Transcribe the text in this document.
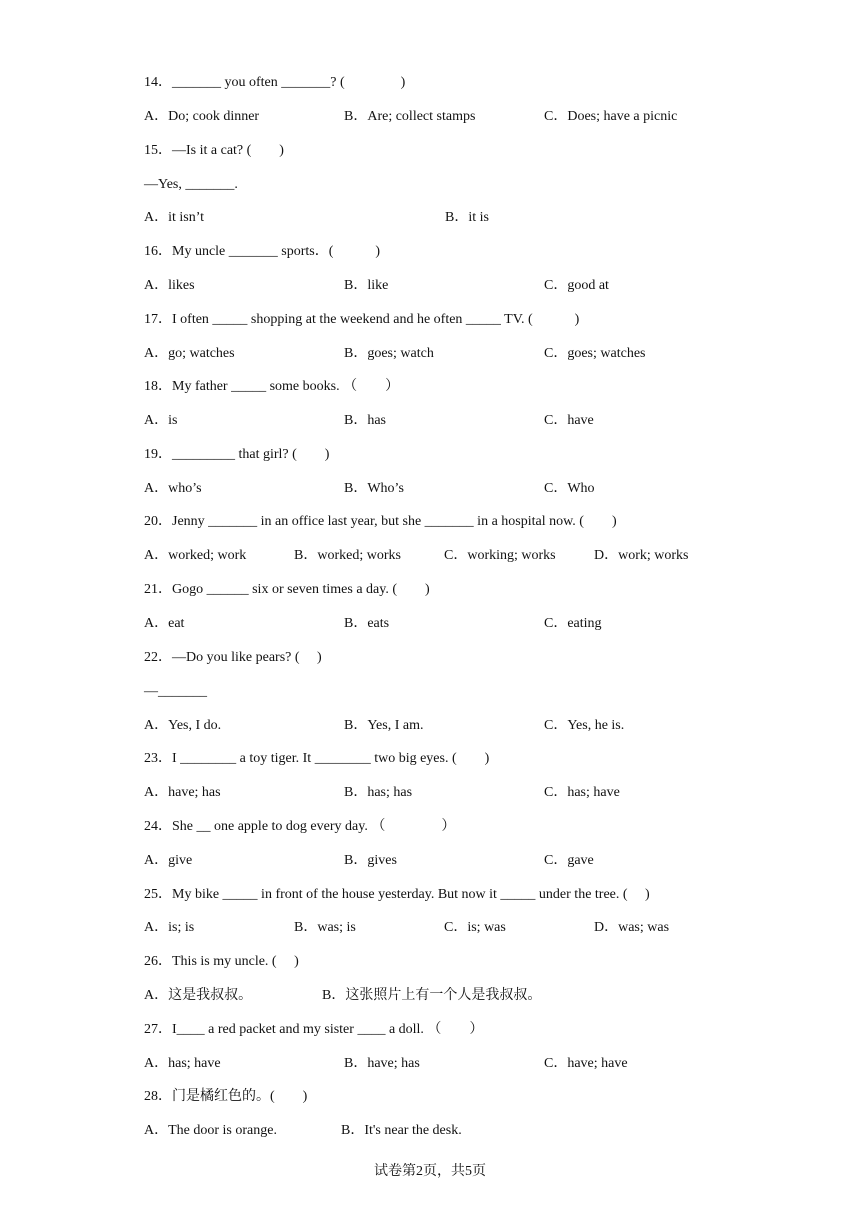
14．_______ you often _______? (　　　　)
A．Do; cook dinner	B．Are; collect stamps	C．Does; have a picnic
15．—Is it a cat? (　　)
—Yes, _______.
A．it isn’t	B．it is
16．My uncle _______ sports．(　　　)
A．likes	B．like	C．good at
17．I often _____ shopping at the weekend and he often _____ TV. (　　　)
A．go; watches	B．goes; watch	C．goes; watches
18．My father _____ some books. （　　）
A．is	B．has	C．have
19．_________ that girl? (　　)
A．who’s	B．Who’s	C．Who
20．Jenny _______ in an office last year, but she _______ in a hospital now. (　　)
A．worked; work	B．worked; works	C．working; works	D．work; works
21．Gogo ______ six or seven times a day. (　　)
A．eat	B．eats	C．eating
22．—Do you like pears? (　 )
—_______
A．Yes, I do.	B．Yes, I am.	C．Yes, he is.
23．I ________ a toy tiger. It ________ two big eyes. (　　)
A．have; has	B．has; has	C．has; have
24．She __ one apple to dog every day. （　　　　）
A．give	B．gives	C．gave
25．My bike _____ in front of the house yesterday. But now it _____ under the tree. (　 )
A．is; is	B．was; is	C．is; was	D．was; was
26．This is my uncle. (　 )
A．这是我叔叔。	B．这张照片上有一个人是我叔叔。
27．I____ a red packet and my sister ____ a doll. （　　）
A．has; have	B．have; has	C．have; have
28．门是橘红色的。(　　)
A．The door is orange.	B．It's near the desk.
试卷第2页，共5页
